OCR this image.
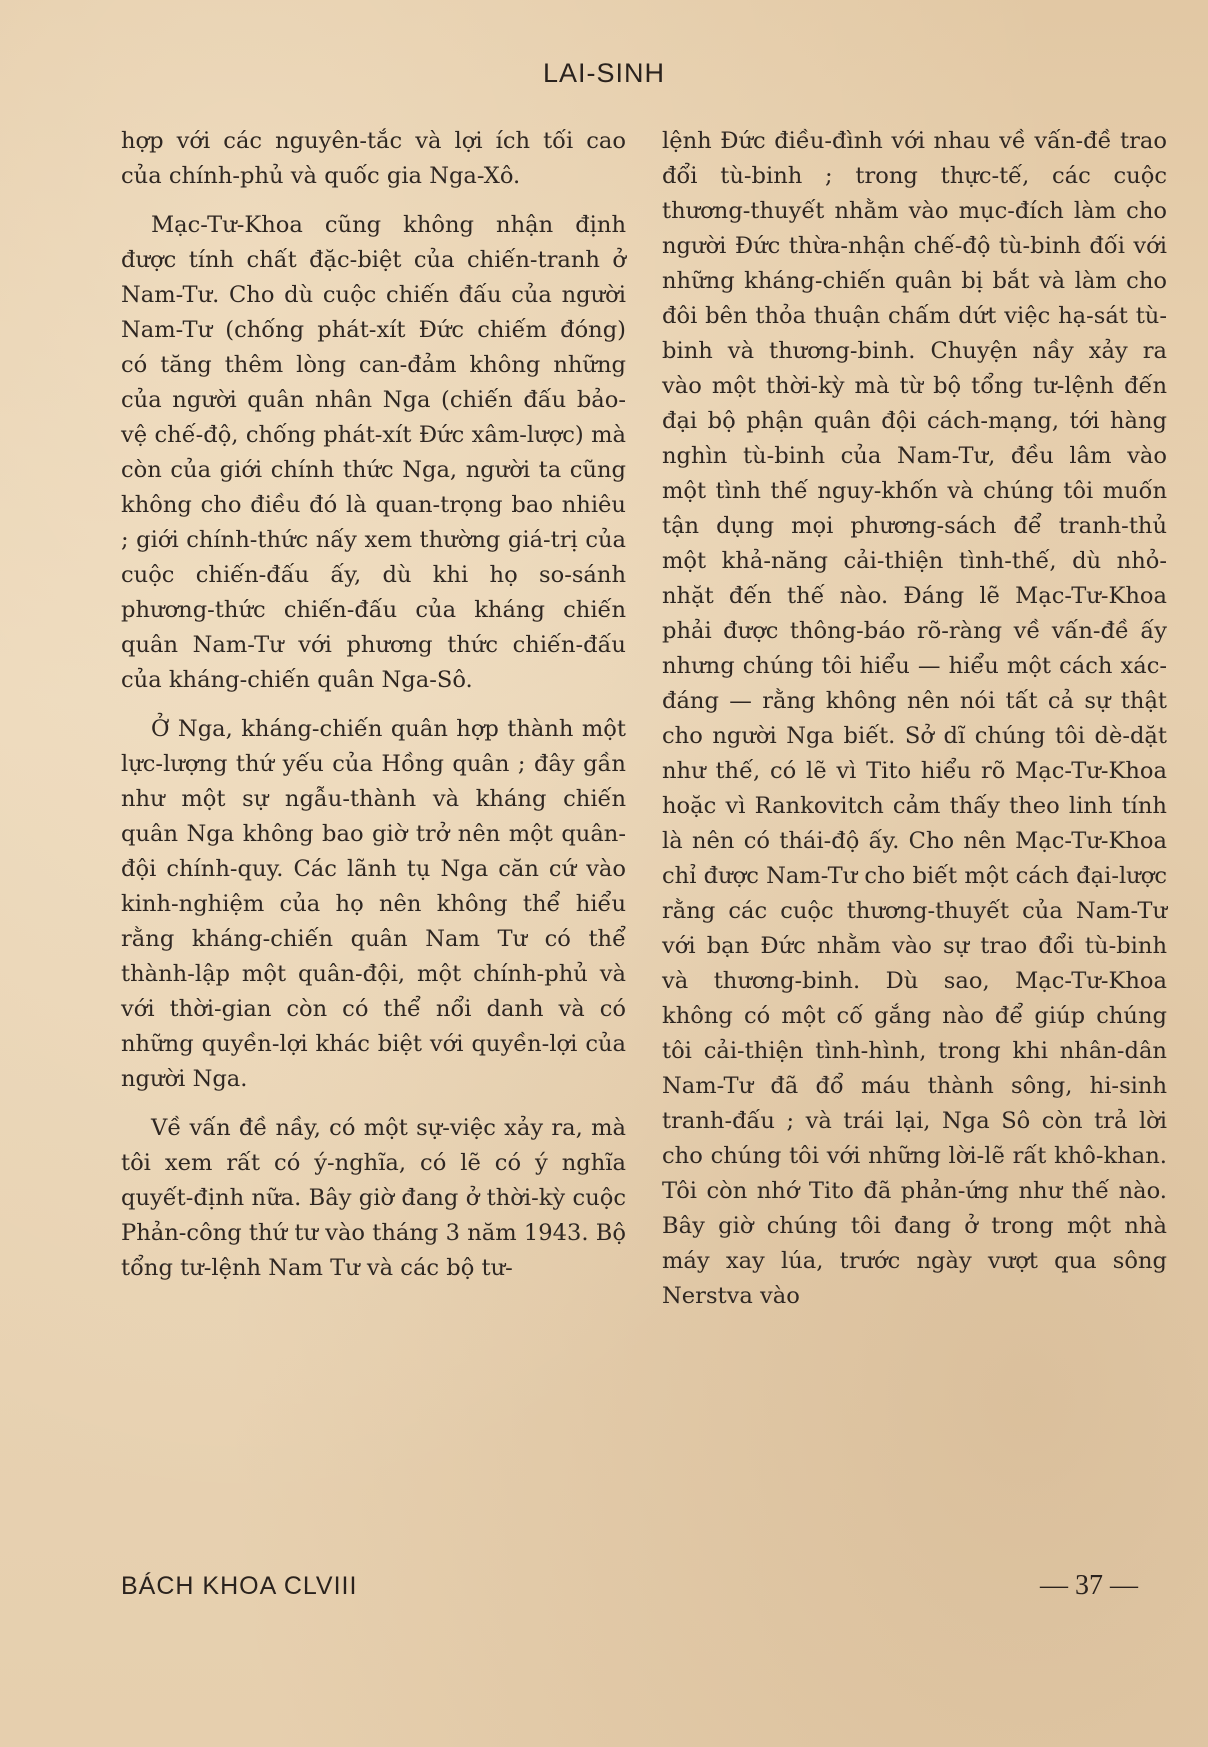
LAI-SINH

hợp với các nguyên-tắc và lợi ích tối cao của chính-phủ và quốc gia Nga-Xô.

Mạc-Tư-Khoa cũng không nhận định được tính chất đặc-biệt của chiến-tranh ở Nam-Tư. Cho dù cuộc chiến đấu của người Nam-Tư (chống phát-xít Đức chiếm đóng) có tăng thêm lòng can-đảm không những của người quân nhân Nga (chiến đấu bảo-vệ chế-độ, chống phát-xít Đức xâm-lược) mà còn của giới chính thức Nga, người ta cũng không cho điều đó là quan-trọng bao nhiêu ; giới chính-thức nấy xem thường giá-trị của cuộc chiến-đấu ấy, dù khi họ so-sánh phương-thức chiến-đấu của kháng chiến quân Nam-Tư với phương thức chiến-đấu của kháng-chiến quân Nga-Sô.

Ở Nga, kháng-chiến quân hợp thành một lực-lượng thứ yếu của Hồng quân ; đây gần như một sự ngẫu-thành và kháng chiến quân Nga không bao giờ trở nên một quân-đội chính-quy. Các lãnh tụ Nga căn cứ vào kinh-nghiệm của họ nên không thể hiểu rằng kháng-chiến quân Nam Tư có thể thành-lập một quân-đội, một chính-phủ và với thời-gian còn có thể nổi danh và có những quyền-lợi khác biệt với quyền-lợi của người Nga.

Về vấn đề nầy, có một sự-việc xảy ra, mà tôi xem rất có ý-nghĩa, có lẽ có ý nghĩa quyết-định nữa. Bây giờ đang ở thời-kỳ cuộc Phản-công thứ tư vào tháng 3 năm 1943. Bộ tổng tư-lệnh Nam Tư và các bộ tư-

lệnh Đức điều-đình với nhau về vấn-đề trao đổi tù-binh ; trong thực-tế, các cuộc thương-thuyết nhằm vào mục-đích làm cho người Đức thừa-nhận chế-độ tù-binh đối với những kháng-chiến quân bị bắt và làm cho đôi bên thỏa thuận chấm dứt việc hạ-sát tù-binh và thương-binh. Chuyện nầy xảy ra vào một thời-kỳ mà từ bộ tổng tư-lệnh đến đại bộ phận quân đội cách-mạng, tới hàng nghìn tù-binh của Nam-Tư, đều lâm vào một tình thế nguy-khốn và chúng tôi muốn tận dụng mọi phương-sách để tranh-thủ một khả-năng cải-thiện tình-thế, dù nhỏ-nhặt đến thế nào. Đáng lẽ Mạc-Tư-Khoa phải được thông-báo rõ-ràng về vấn-đề ấy nhưng chúng tôi hiểu — hiểu một cách xác-đáng — rằng không nên nói tất cả sự thật cho người Nga biết. Sở dĩ chúng tôi dè-dặt như thế, có lẽ vì Tito hiểu rõ Mạc-Tư-Khoa hoặc vì Rankovitch cảm thấy theo linh tính là nên có thái-độ ấy. Cho nên Mạc-Tư-Khoa chỉ được Nam-Tư cho biết một cách đại-lược rằng các cuộc thương-thuyết của Nam-Tư với bạn Đức nhằm vào sự trao đổi tù-binh và thương-binh. Dù sao, Mạc-Tư-Khoa không có một cố gắng nào để giúp chúng tôi cải-thiện tình-hình, trong khi nhân-dân Nam-Tư đã đổ máu thành sông, hi-sinh tranh-đấu ; và trái lại, Nga Sô còn trả lời cho chúng tôi với những lời-lẽ rất khô-khan. Tôi còn nhớ Tito đã phản-ứng như thế nào. Bây giờ chúng tôi đang ở trong một nhà máy xay lúa, trước ngày vượt qua sông Nerstva vào

BÁCH KHOA CLVIII	— 37 —
